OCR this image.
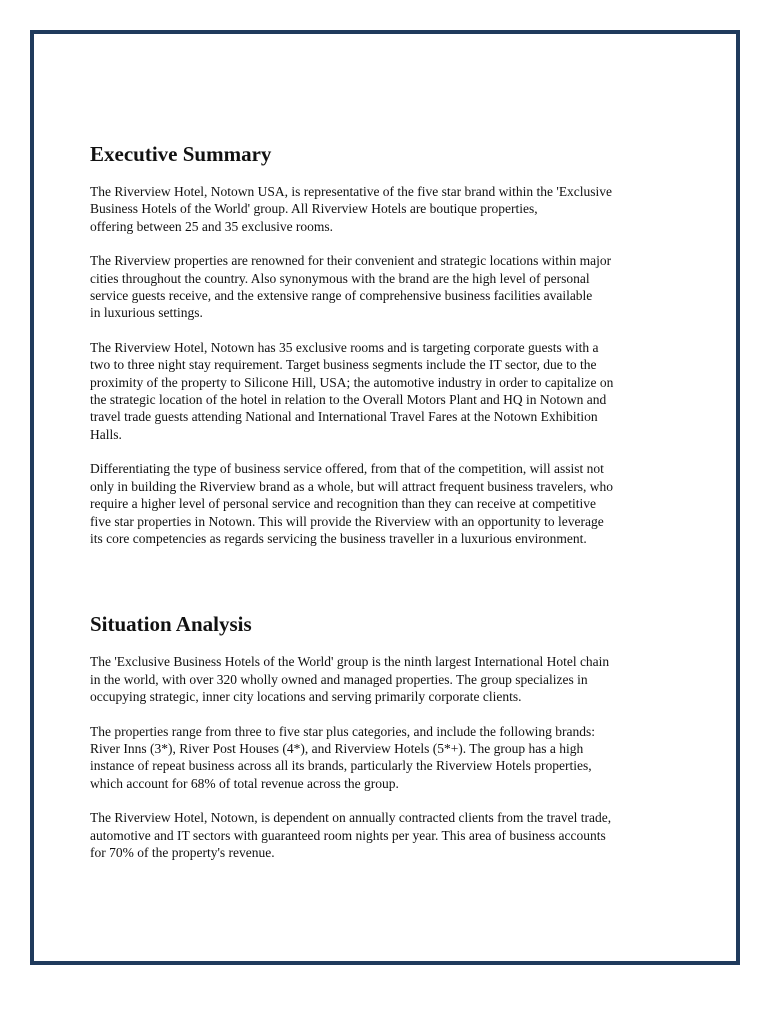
Executive Summary

The Riverview Hotel, Notown USA, is representative of the five star brand within the 'Exclusive
Business Hotels of the World' group. All Riverview Hotels are boutique properties,
offering between 25 and 35 exclusive rooms.

The Riverview properties are renowned for their convenient and strategic locations within major
cities throughout the country. Also synonymous with the brand are the high level of personal
service guests receive, and the extensive range of comprehensive business facilities available
in luxurious settings.

The Riverview Hotel, Notown has 35 exclusive rooms and is targeting corporate guests with a
two to three night stay requirement. Target business segments include the IT sector, due to the
proximity of the property to Silicone Hill, USA; the automotive industry in order to capitalize on
the strategic location of the hotel in relation to the Overall Motors Plant and HQ in Notown and
travel trade guests attending National and International Travel Fares at the Notown Exhibition
Halls.

Differentiating the type of business service offered, from that of the competition, will assist not
only in building the Riverview brand as a whole, but will attract frequent business travelers, who
require a higher level of personal service and recognition than they can receive at competitive
five star properties in Notown. This will provide the Riverview with an opportunity to leverage
its core competencies as regards servicing the business traveller in a luxurious environment.

Situation Analysis

The 'Exclusive Business Hotels of the World' group is the ninth largest International Hotel chain
in the world, with over 320 wholly owned and managed properties. The group specializes in
occupying strategic, inner city locations and serving primarily corporate clients.

The properties range from three to five star plus categories, and include the following brands:
River Inns (3*), River Post Houses (4*), and Riverview Hotels (5*+). The group has a high
instance of repeat business across all its brands, particularly the Riverview Hotels properties,
which account for 68% of total revenue across the group.

The Riverview Hotel, Notown, is dependent on annually contracted clients from the travel trade,
automotive and IT sectors with guaranteed room nights per year. This area of business accounts
for 70% of the property's revenue.
